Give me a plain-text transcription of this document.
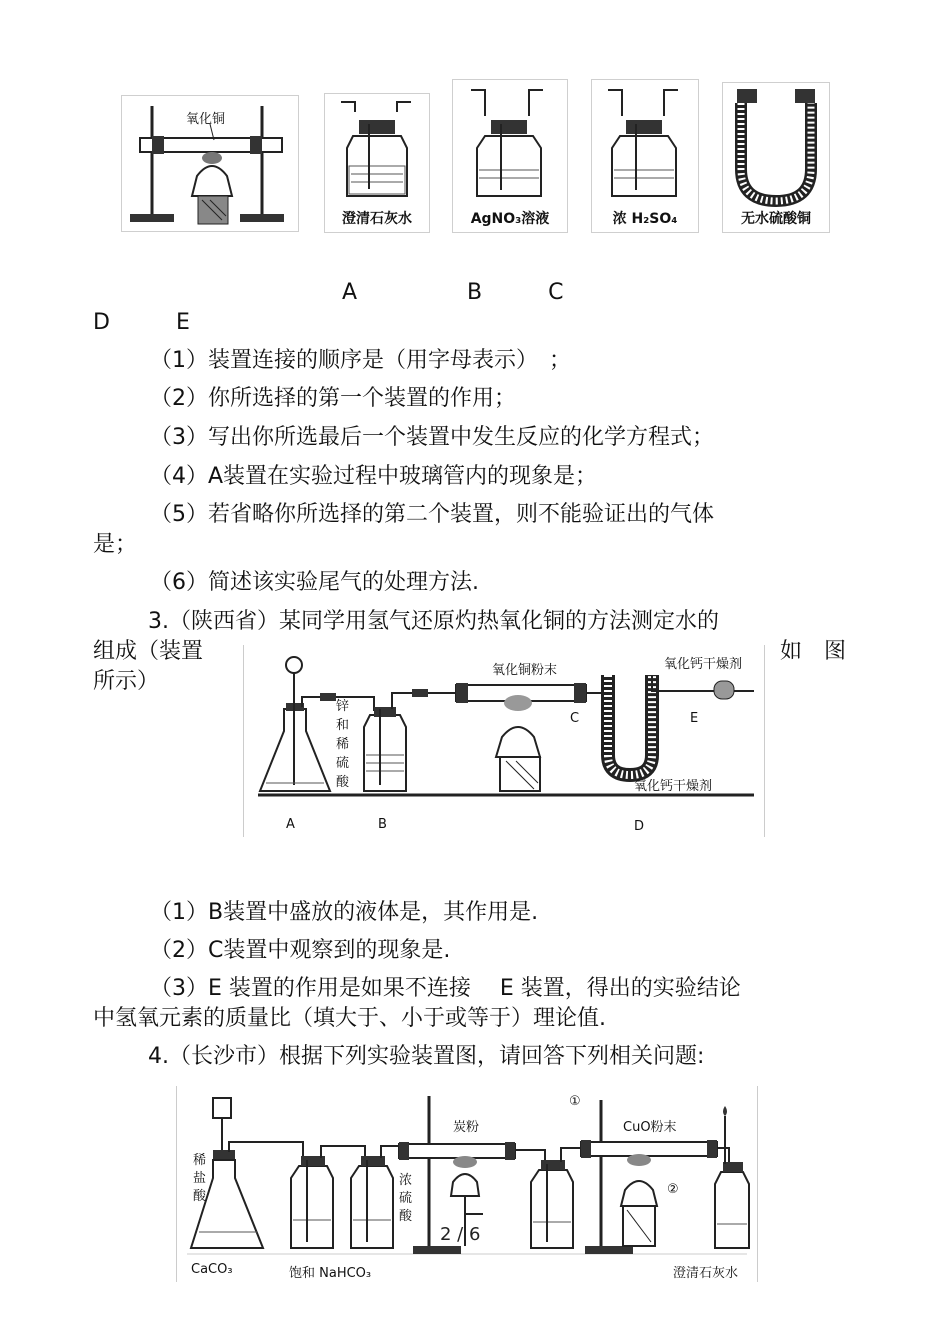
氧化铜
澄清石灰水	AgNO₃溶液	浓 H₂SO₄	无水硫酸铜
A　　　　　B　　　C
D　　　E
（1）装置连接的顺序是（用字母表示）　；
（2）你所选择的第一个装置的作用；
（3）写出你所选最后一个装置中发生反应的化学方程式；
（4）A装置在实验过程中玻璃管内的现象是；
（5）若省略你所选择的第二个装置，则不能验证出的气体
是；
（6）简述该实验尾气的处理方法.
3.（陕西省）某同学用氢气还原灼热氧化铜的方法测定水的
组成（装置	如　图
所示）
锌和稀硫酸
氧化铜粉末	氧化钙干燥剂
氧化钙干燥剂
A	B
C
D
E
（1）B装置中盛放的液体是，其作用是.
（2）C装置中观察到的现象是.
（3）E 装置的作用是如果不连接　 E 装置，得出的实验结论
中氢氧元素的质量比（填大于、小于或等于）理论值.
4.（长沙市）根据下列实验装置图，请回答下列相关问题:
稀盐酸
CaCO₃	饱和 NaHCO₃
浓硫酸
炭粉
①
CuO粉末
②
澄清石灰水
2 / 6
